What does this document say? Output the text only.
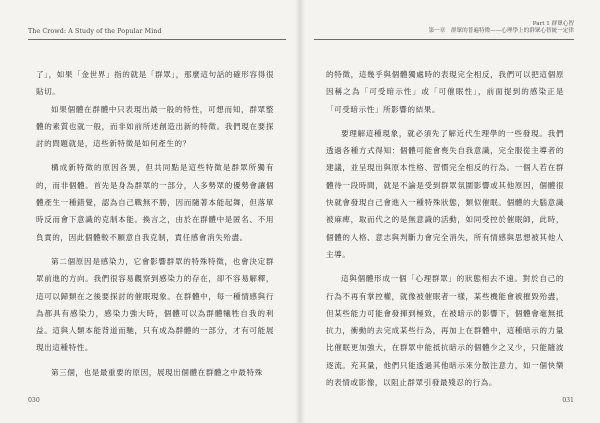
The Crowd: A Study of the Popular Mind

了」，如果「金世界」指的就是「群眾」，那麼這句話的確形容得很貼切。

如果個體在群體中只表現出最一般的特性，可想而知，群眾整體的素質也就一般，而非如前所述創造出新的特徵。我們現在要探討的問題就是，這些新特徵是如何產生的？

構成新特徵的原因各異，但共同點是這些特徵是群眾所獨有的，而非個體。首先是身為群眾的一部分，人多勢眾的優勢會讓個體產生一種錯覺，認為自己戰無不勝，因而隨著本能起舞，但落單時反而會下意識的克制本能。換言之，由於在群體中是匿名、不用負責的，因此個體較不願意自我克制，責任感會消失殆盡。

第二個原因是感染力，它會影響群眾的特殊特徵，也會決定群眾前進的方向。我們很容易觀察到感染力的存在，卻不容易解釋，這可以歸類在之後要探討的催眠現象。在群體中，每一種情感與行為都具有感染力，感染力強大時，個體可以為群體犧牲自我的利益。這與人類本能背道而馳，只有成為群體的一部分，才有可能展現出這種特性。

第三個，也是最重要的原因，展現出個體在群體之中最特殊

030
Part 1 群眾心智
第一章　群眾的普遍特徵——心理學上的群眾心智統一定律

的特徵，這幾乎與個體獨處時的表現完全相反，我們可以把這個原因稱之為「可受暗示性」或「可催眠性」，前面提到的感染正是「可受暗示性」所影響的結果。

要理解這種現象，就必須先了解近代生理學的一些發現。我們透過各種方式得知：個體可能會喪失自我意識，完全服從主導者的建議，並呈現出與原本性格、習慣完全相反的行為。一個人若在群體待一段時間，就是不論是受到群眾氛圍影響或其他原因，個體很快就會發現自己會進入一種特殊狀態，類似催眠。個體的大腦意識被麻痺，取而代之的是無意識的活動，如同受控於催眠師，此時，個體的人格、意志與判斷力會完全消失，所有情感與思想被其他人主導。

這與個體形成一個「心理群眾」的狀態相去不遠。對於自己的行為不再有掌控權，就像被催眠者一樣，某些機能會被摧毀殆盡，但某些能力可能會發揮到極致，在被暗示的影響下，個體會毫無抵抗力，衝動的去完成某些行為，再加上在群體中，這種暗示的力量比催眠更加強大，在群眾中能抵抗暗示的個體少之又少，只能隨波逐流。充其量，他們只能透過其他暗示來分散注意力，如一個快樂的表情或影像，以阻止群眾引發最殘忍的行為。

031
